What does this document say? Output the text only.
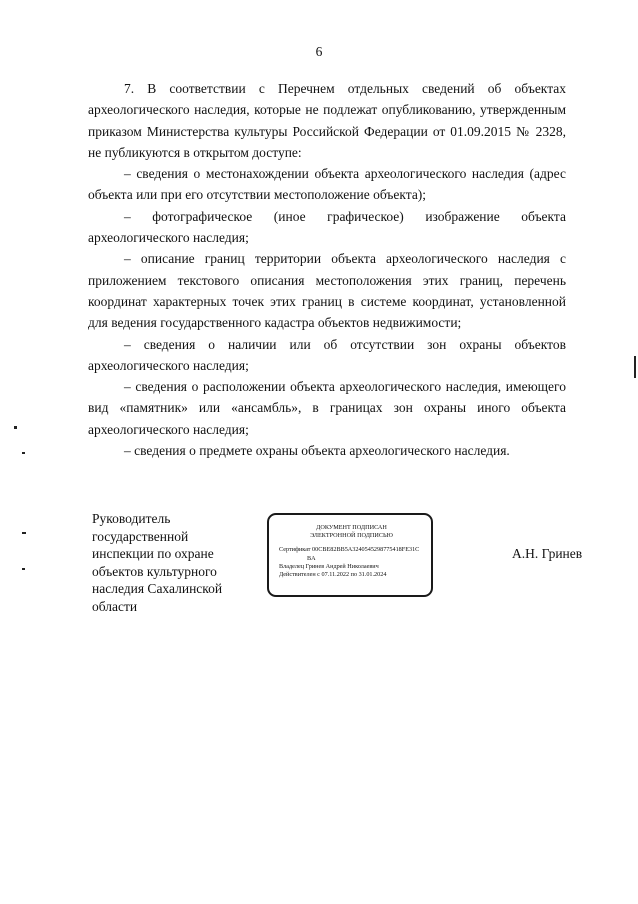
6

7. В соответствии с Перечнем отдельных сведений об объектах археологического наследия, которые не подлежат опубликованию, утвержденным приказом Министерства культуры Российской Федерации от 01.09.2015 № 2328, не публикуются в открытом доступе:

– сведения о местонахождении объекта археологического наследия (адрес объекта или при его отсутствии местоположение объекта);

– фотографическое (иное графическое) изображение объекта археологического наследия;

– описание границ территории объекта археологического наследия с приложением текстового описания местоположения этих границ, перечень координат характерных точек этих границ в системе координат, установленной для ведения государственного кадастра объектов недвижимости;

– сведения о наличии или об отсутствии зон охраны объектов археологического наследия;

– сведения о расположении объекта археологического наследия, имеющего вид «памятник» или «ансамбль», в границах зон охраны иного объекта археологического наследия;

– сведения о предмете охраны объекта археологического наследия.

Руководитель
государственной
инспекции по охране
объектов культурного
наследия Сахалинской
области
ДОКУМЕНТ ПОДПИСАН
ЭЛЕКТРОННОЙ ПОДПИСЬЮ
Сертификат 00CBE82BB5A3240545298775418FE31C
BA
Владелец Гринев Андрей Николаевич
Действителен с 07.11.2022 по 31.01.2024
А.Н. Гринев
